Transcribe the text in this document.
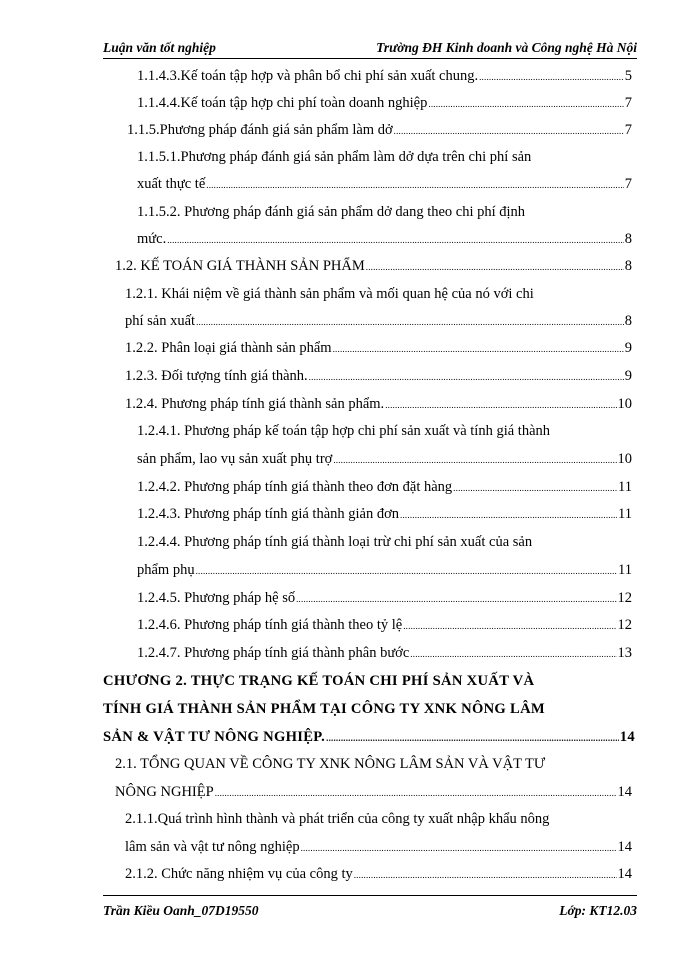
Luận văn tốt nghiệp	Trường ĐH Kinh doanh và Công nghệ Hà Nội
1.1.4.3.Kế toán tập hợp và phân bổ chi phí sản xuất chung. .....	5
1.1.4.4.Kế toán tập hợp chi phí toàn doanh nghiệp .....	7
1.1.5.Phương pháp đánh giá sản phẩm làm dở .....	7
1.1.5.1.Phương pháp đánh giá sản phẩm làm dở dựa trên chi phí sản
xuất thực tế .....	7
1.1.5.2. Phương pháp đánh giá sản phẩm dở dang theo chi phí định
mức. .....	8
1.2. KẾ TOÁN GIÁ THÀNH SẢN PHẨM .....	8
1.2.1. Khái niệm về giá thành sản phẩm và mối quan hệ của nó với chi
phí sản xuất .....	8
1.2.2. Phân loại giá thành sản phẩm .....	9
1.2.3. Đối tượng tính giá thành. .....	9
1.2.4. Phương pháp tính giá thành sản phẩm. .....	10
1.2.4.1. Phương pháp kế toán tập hợp chi phí sản xuất và tính giá thành
sản phẩm, lao vụ sản xuất phụ trợ .....	10
1.2.4.2. Phương pháp tính giá thành theo đơn đặt hàng .....	11
1.2.4.3. Phương pháp tính giá thành giản đơn .....	11
1.2.4.4. Phương pháp tính giá thành loại trừ chi phí sản xuất của sản
phẩm phụ .....	11
1.2.4.5. Phương pháp hệ số .....	12
1.2.4.6. Phương pháp tính giá thành theo tỷ lệ .....	12
1.2.4.7. Phương pháp tính giá thành phân bước .....	13
CHƯƠNG 2. THỰC TRẠNG KẾ TOÁN CHI PHÍ SẢN XUẤT VÀ
TÍNH GIÁ THÀNH SẢN PHẨM TẠI CÔNG TY XNK NÔNG LÂM
SẢN & VẬT TƯ NÔNG NGHIỆP. .....	14
2.1. TỔNG QUAN VỀ CÔNG TY XNK NÔNG LÂM SẢN VÀ VẬT TƯ
NÔNG NGHIỆP .....	14
2.1.1.Quá trình hình thành và phát triển của công ty xuất nhập khẩu nông
lâm sản và vật tư nông nghiệp .....	14
2.1.2. Chức năng nhiệm vụ của công ty .....	14
Trần Kiều Oanh_07D19550	Lớp: KT12.03
